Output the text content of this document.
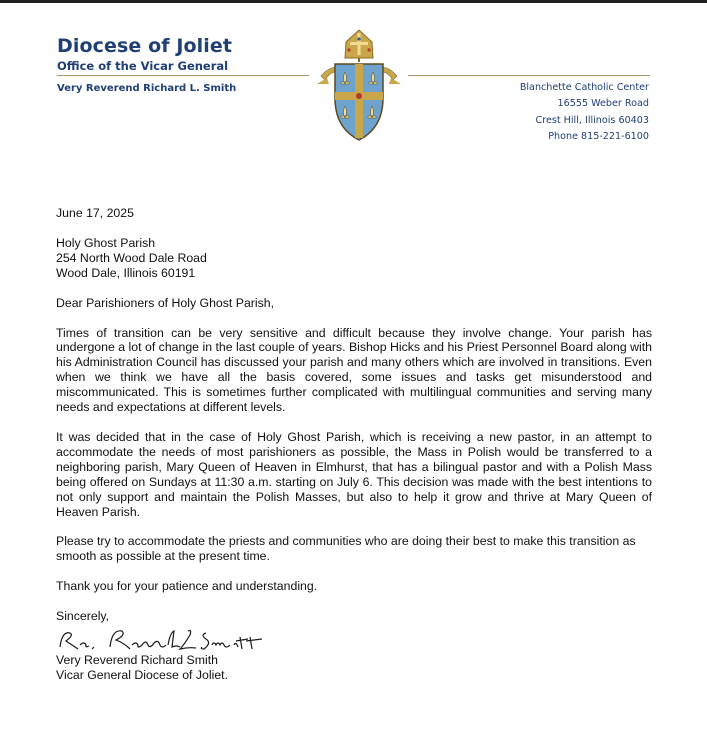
Diocese of Joliet
Office of the Vicar General
Very Reverend Richard L. Smith	Blanchette Catholic Center
16555 Weber Road
Crest Hill, Illinois 60403
Phone 815-221-6100

June 17, 2025

Holy Ghost Parish

254 North Wood Dale Road

Wood Dale, Illinois 60191

Dear Parishioners of Holy Ghost Parish,

Times of transition can be very sensitive and difficult because they involve change. Your parish has undergone a lot of change in the last couple of years. Bishop Hicks and his Priest Personnel Board along with his Administration Council has discussed your parish and many others which are involved in transitions. Even when we think we have all the basis covered, some issues and tasks get misunderstood and miscommunicated. This is sometimes further complicated with multilingual communities and serving many needs and expectations at different levels.

It was decided that in the case of Holy Ghost Parish, which is receiving a new pastor, in an attempt to accommodate the needs of most parishioners as possible, the Mass in Polish would be transferred to a neighboring parish, Mary Queen of Heaven in Elmhurst, that has a bilingual pastor and with a Polish Mass being offered on Sundays at 11:30 a.m. starting on July 6. This decision was made with the best intentions to not only support and maintain the Polish Masses, but also to help it grow and thrive at Mary Queen of Heaven Parish.

Please try to accommodate the priests and communities who are doing their best to make this transition as smooth as possible at the present time.

Thank you for your patience and understanding.

Sincerely,

Very Reverend Richard Smith

Vicar General Diocese of Joliet.
